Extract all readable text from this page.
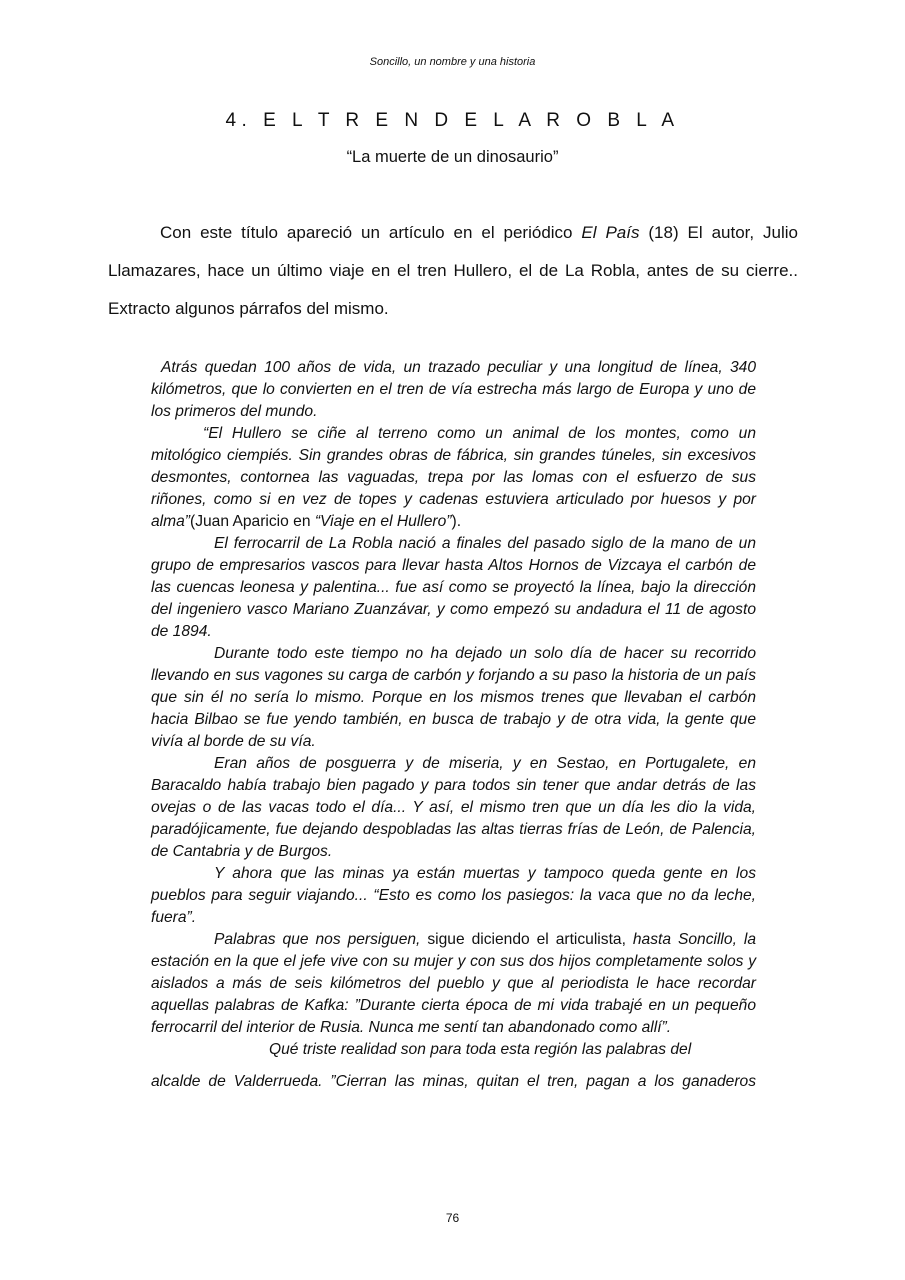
Soncillo, un nombre y una historia
4. E L T R E N D E L A R O B L A
“La muerte de un dinosaurio”

Con este título apareció un artículo en el periódico El País (18) El autor, Julio Llamazares, hace un último viaje en el tren Hullero, el de La Robla, antes de su cierre.. Extracto algunos párrafos del mismo.

Atrás quedan 100 años de vida, un trazado peculiar y una longitud de línea, 340 kilómetros, que lo convierten en el tren de vía estrecha más largo de Europa y uno de los primeros del mundo.

“El Hullero se ciñe al terreno como un animal de los montes, como un mitológico ciempiés. Sin grandes obras de fábrica, sin grandes túneles, sin excesivos desmontes, contornea las vaguadas, trepa por las lomas con el esfuerzo de sus riñones, como si en vez de topes y cadenas estuviera articulado por huesos y por alma”(Juan Aparicio en “Viaje en el Hullero”).

El ferrocarril de La Robla nació a finales del pasado siglo de la mano de un grupo de empresarios vascos para llevar hasta Altos Hornos de Vizcaya el carbón de las cuencas leonesa y palentina... fue así como se proyectó la línea, bajo la dirección del ingeniero vasco Mariano Zuanzávar, y como empezó su andadura el 11 de agosto de 1894.

Durante todo este tiempo no ha dejado un solo día de hacer su recorrido llevando en sus vagones su carga de carbón y forjando a su paso la historia de un país que sin él no sería lo mismo. Porque en los mismos trenes que llevaban el carbón hacia Bilbao se fue yendo también, en busca de trabajo y de otra vida, la gente que vivía al borde de su vía.

Eran años de posguerra y de miseria, y en Sestao, en Portugalete, en Baracaldo había trabajo bien pagado y para todos sin tener que andar detrás de las ovejas o de las vacas todo el día... Y así, el mismo tren que un día les dio la vida, paradójicamente, fue dejando despobladas las altas tierras frías de León, de Palencia, de Cantabria y de Burgos.

Y ahora que las minas ya están muertas y tampoco queda gente en los pueblos para seguir viajando... “Esto es como los pasiegos: la vaca que no da leche, fuera”.

Palabras que nos persiguen, sigue diciendo el articulista, hasta Soncillo, la estación en la que el jefe vive con su mujer y con sus dos hijos completamente solos y aislados a más de seis kilómetros del pueblo y que al periodista le hace recordar aquellas palabras de Kafka: ”Durante cierta época de mi vida trabajé en un pequeño ferrocarril del interior de Rusia. Nunca me sentí tan abandonado como allí”.

Qué triste realidad son para toda esta región las palabras del

alcalde de Valderrueda. ”Cierran las minas, quitan el tren, pagan a los ganaderos

76
